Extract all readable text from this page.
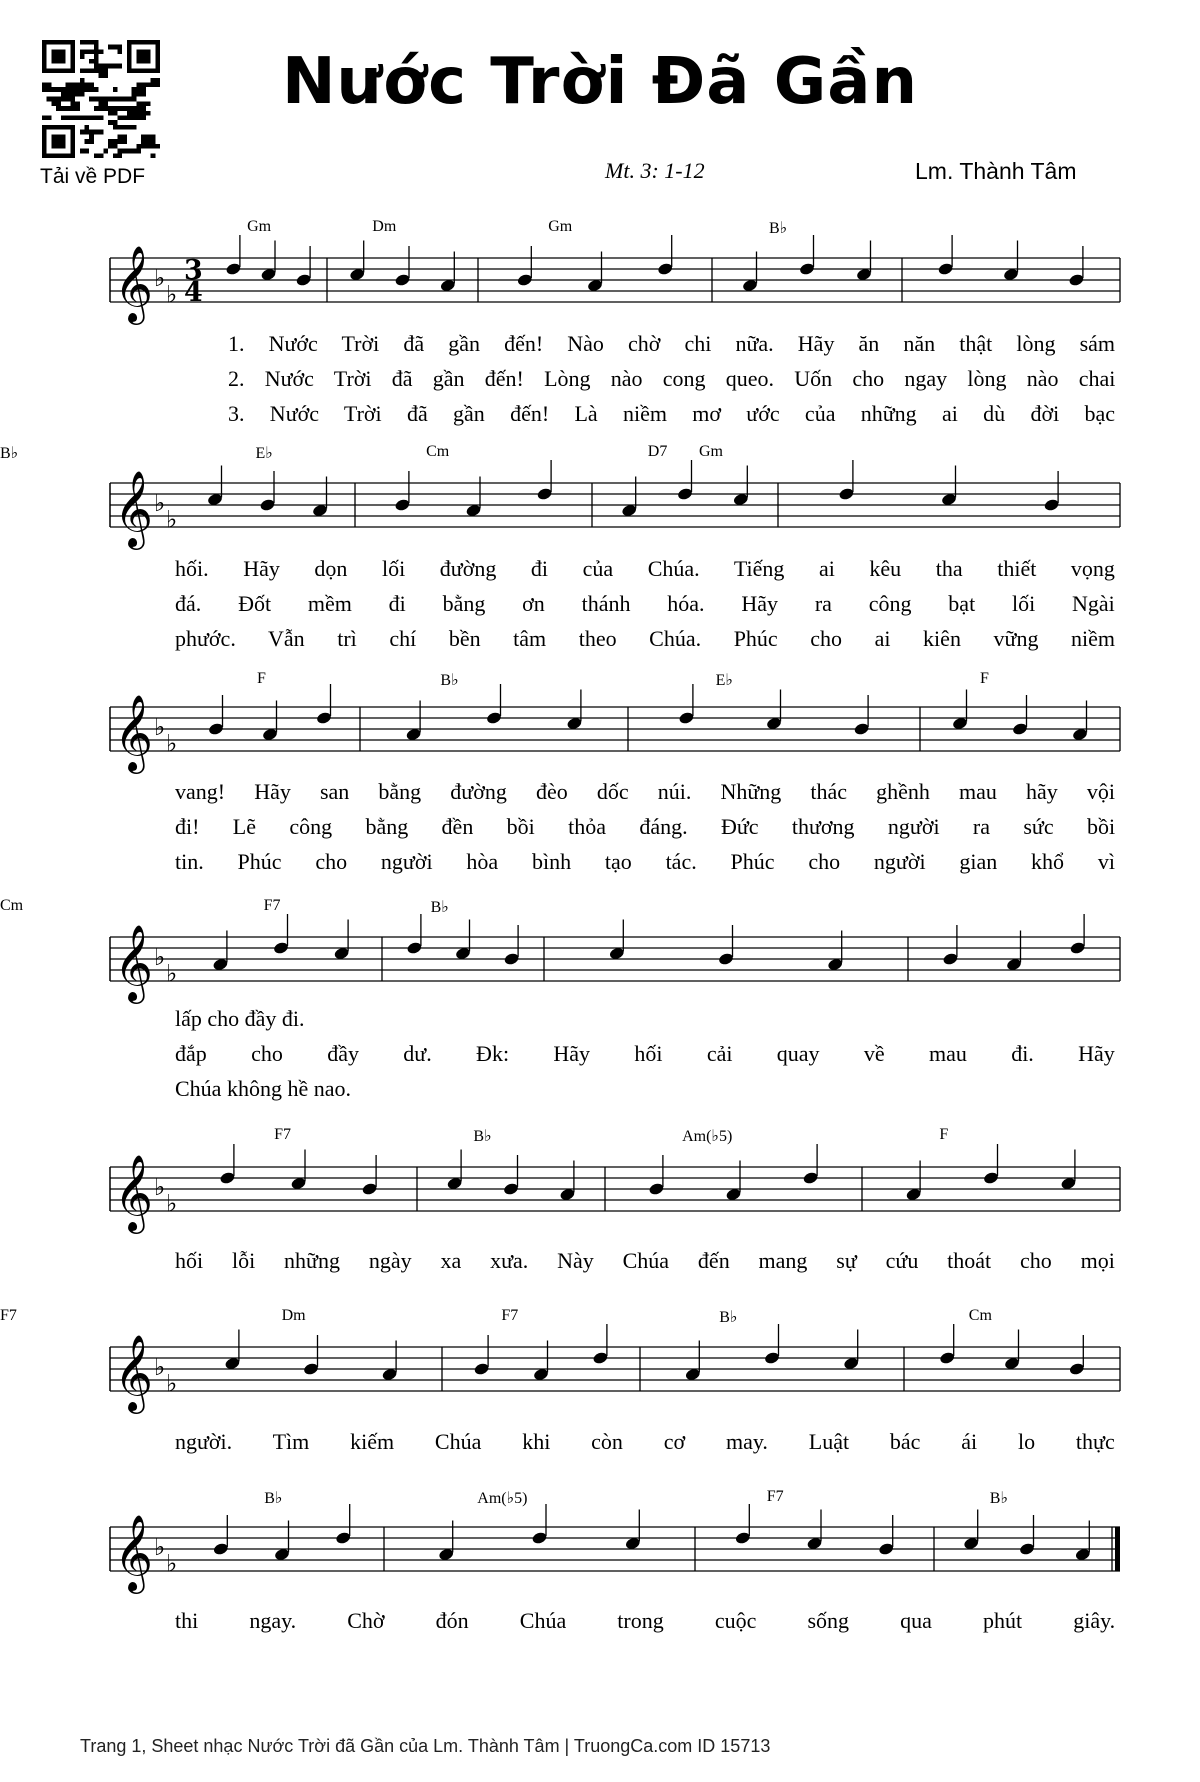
Tải về PDF
Nước Trời Đã Gần
Mt. 3: 1-12	Lm. Thành Tâm
𝄞 ♭
♭
3
4
𝄞 ♭
♭
𝄞 ♭
♭
𝄞 ♭
♭
𝄞 ♭
♭
𝄞 ♭
♭
𝄞 ♭
♭
Gm	Dm	Gm	B♭
E♭	Cm	D7 Gm
B♭
F	B♭	E♭	F
F7	B♭
Cm
F7	B♭	Am(♭5)	F
Dm	F7	B♭	Cm
F7
B♭	Am(♭5)	F7	B♭
1. Nước Trời đã gần đến! Nào chờ chi nữa. Hãy ăn năn thật lòng sám
2. Nước Trời đã gần đến! Lòng nào cong queo. Uốn cho ngay lòng nào chai
3. Nước Trời đã gần đến! Là niềm mơ ước của những ai dù đời bạc
hối. Hãy dọn lối đường đi của Chúa. Tiếng ai kêu tha thiết vọng
đá. Đốt mềm đi bằng ơn thánh hóa. Hãy ra công bạt lối Ngài
phước. Vẫn trì chí bền tâm theo Chúa. Phúc cho ai kiên vững niềm
vang! Hãy san bằng đường đèo dốc núi. Những thác ghềnh mau hãy vội
đi! Lẽ công bằng đền bồi thỏa đáng. Đức thương người ra sức bồi
tin. Phúc cho người hòa bình tạo tác. Phúc cho người gian khổ vì
lấp cho đầy đi.
đắp cho đầy dư. Đk: Hãy hối cải quay về mau đi. Hãy
Chúa không hề nao.
hối lỗi những ngày xa xưa. Này Chúa đến mang sự cứu thoát cho mọi
người. Tìm kiếm Chúa khi còn cơ may. Luật bác ái lo thực
thi ngay. Chờ đón Chúa trong cuộc sống qua phút giây.
Trang 1, Sheet nhạc Nước Trời đã Gần của Lm. Thành Tâm | TruongCa.com ID 15713
